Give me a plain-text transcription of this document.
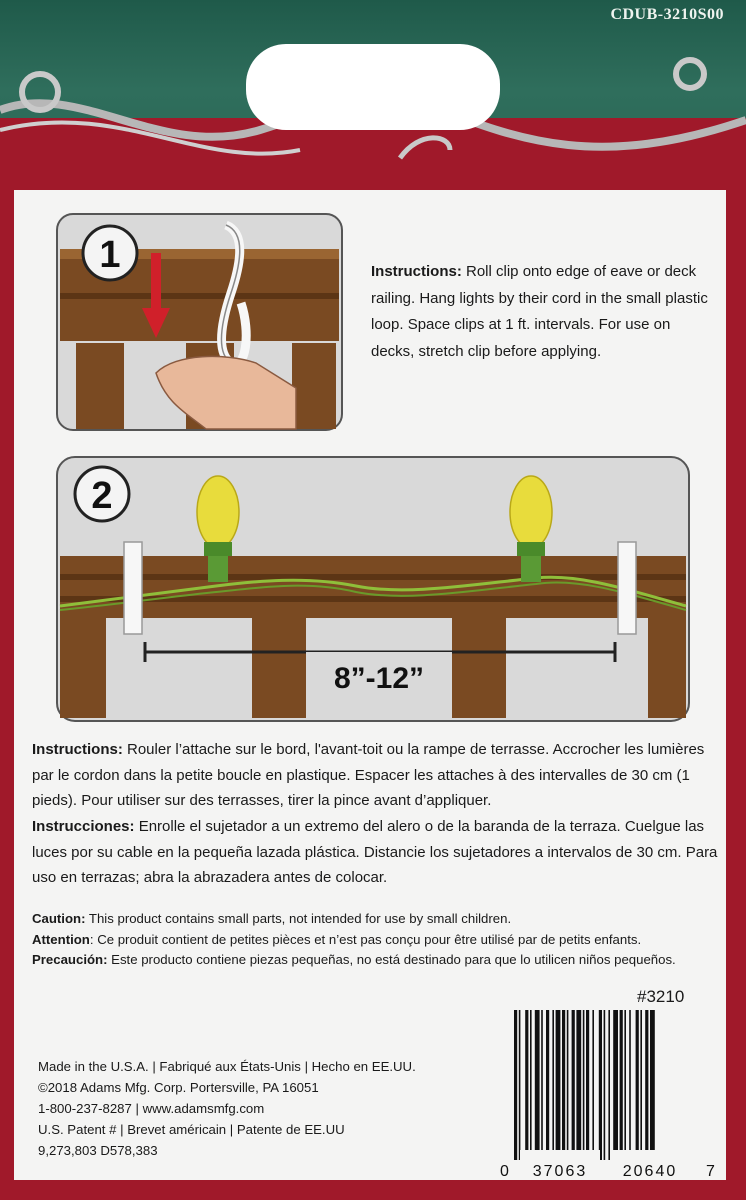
CDUB-3210S00
1	Instructions: Roll clip onto edge of eave or deck railing. Hang lights by their cord in the small plastic loop. Space clips at 1 ft. intervals. For use on decks, stretch clip before applying.
8”-12”
2
Instructions: Rouler l’attache sur le bord, l'avant-toit ou la rampe de terrasse. Accrocher les lumières par le cordon dans la petite boucle en plastique. Espacer les attaches à des intervalles de 30 cm (1 pieds). Pour utiliser sur des terrasses, tirer la pince avant d’appliquer.
Instrucciones: Enrolle el sujetador a un extremo del alero o de la baranda de la terraza. Cuelgue las luces por su cable en la pequeña lazada plástica. Distancie los sujetadores a intervalos de 30 cm. Para uso en terrazas; abra la abrazadera antes de colocar.
Caution: This product contains small parts, not intended for use by small children.
Attention: Ce produit contient de petites pièces et n’est pas conçu pour être utilisé par de petits enfants.
Precaución: Este producto contiene piezas pequeñas, no está destinado para que lo utilicen niños pequeños.
#3210
Made in the U.S.A. | Fabriqué aux États-Unis | Hecho en EE.UU.
©2018 Adams Mfg. Corp. Portersville, PA 16051
1-800-237-8287 | www.adamsmfg.com
U.S. Patent # | Brevet américain | Patente de EE.UU
9,273,803 D578,383
0 37063 20640 7
